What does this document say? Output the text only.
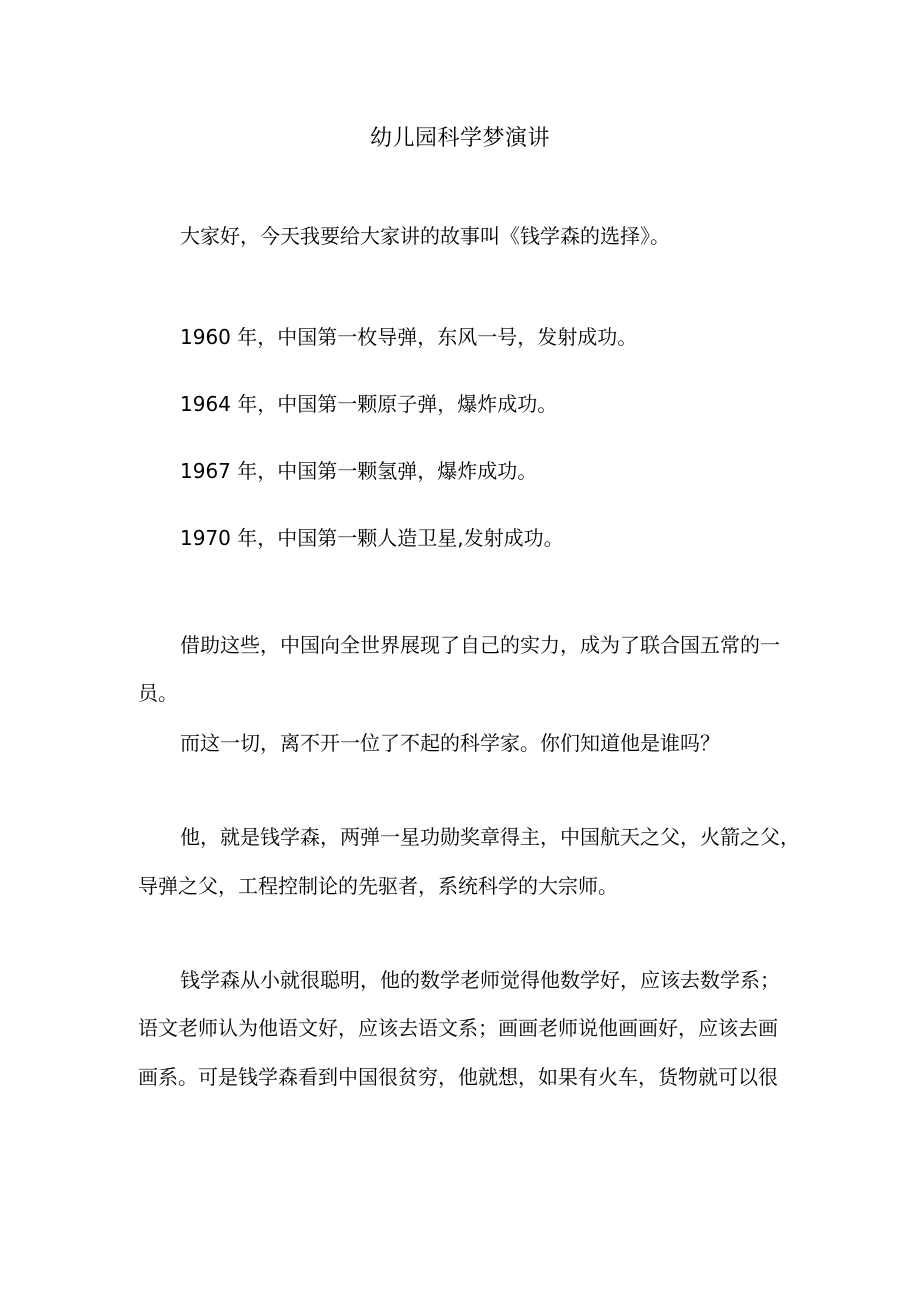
幼儿园科学梦演讲

大家好，今天我要给大家讲的故事叫《钱学森的选择》。

1960 年，中国第一枚导弹，东风一号，发射成功。

1964 年，中国第一颗原子弹，爆炸成功。

1967 年，中国第一颗氢弹，爆炸成功。

1970 年，中国第一颗人造卫星,发射成功。

借助这些，中国向全世界展现了自己的实力，成为了联合国五常的一

员。

而这一切，离不开一位了不起的科学家。你们知道他是谁吗？

他，就是钱学森，两弹一星功勋奖章得主，中国航天之父，火箭之父，

导弹之父，工程控制论的先驱者，系统科学的大宗师。

钱学森从小就很聪明，他的数学老师觉得他数学好，应该去数学系；

语文老师认为他语文好，应该去语文系；画画老师说他画画好，应该去画

画系。可是钱学森看到中国很贫穷，他就想，如果有火车，货物就可以很
